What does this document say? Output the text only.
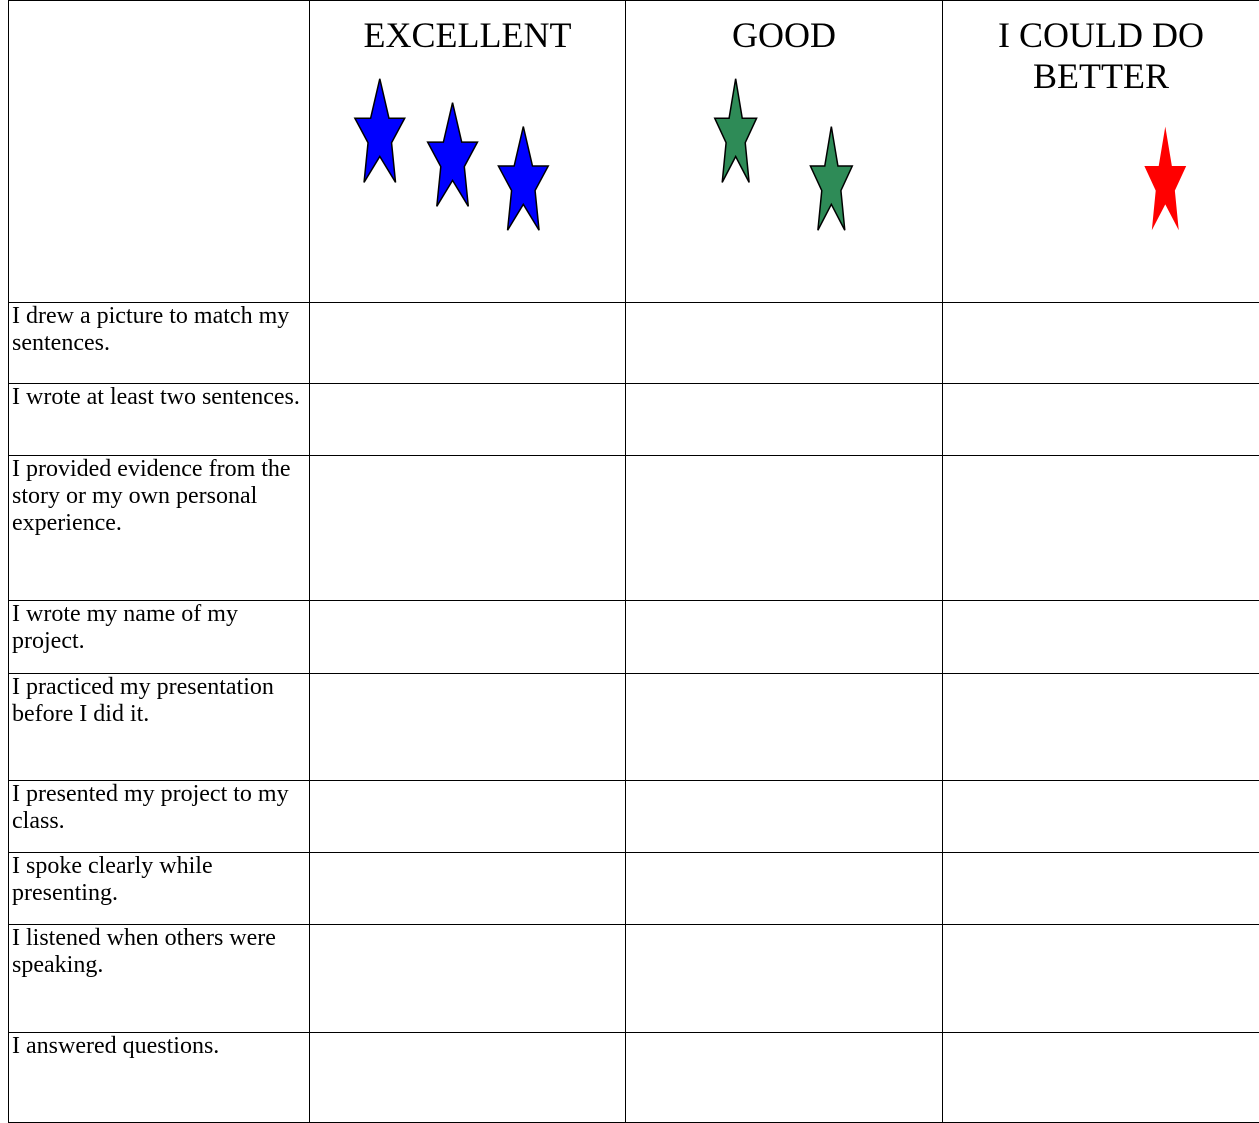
	EXCELLENT	GOOD	I COULD DO BETTER

I drew a picture to match my sentences.			
I wrote at least two sentences.			
I provided evidence from the story or my own personal experience.			
I wrote my name of my project.			
I practiced my presentation before I did it.			
I presented my project to my class.			
I spoke clearly while presenting.			
I listened when others were speaking.			
I answered questions.			
